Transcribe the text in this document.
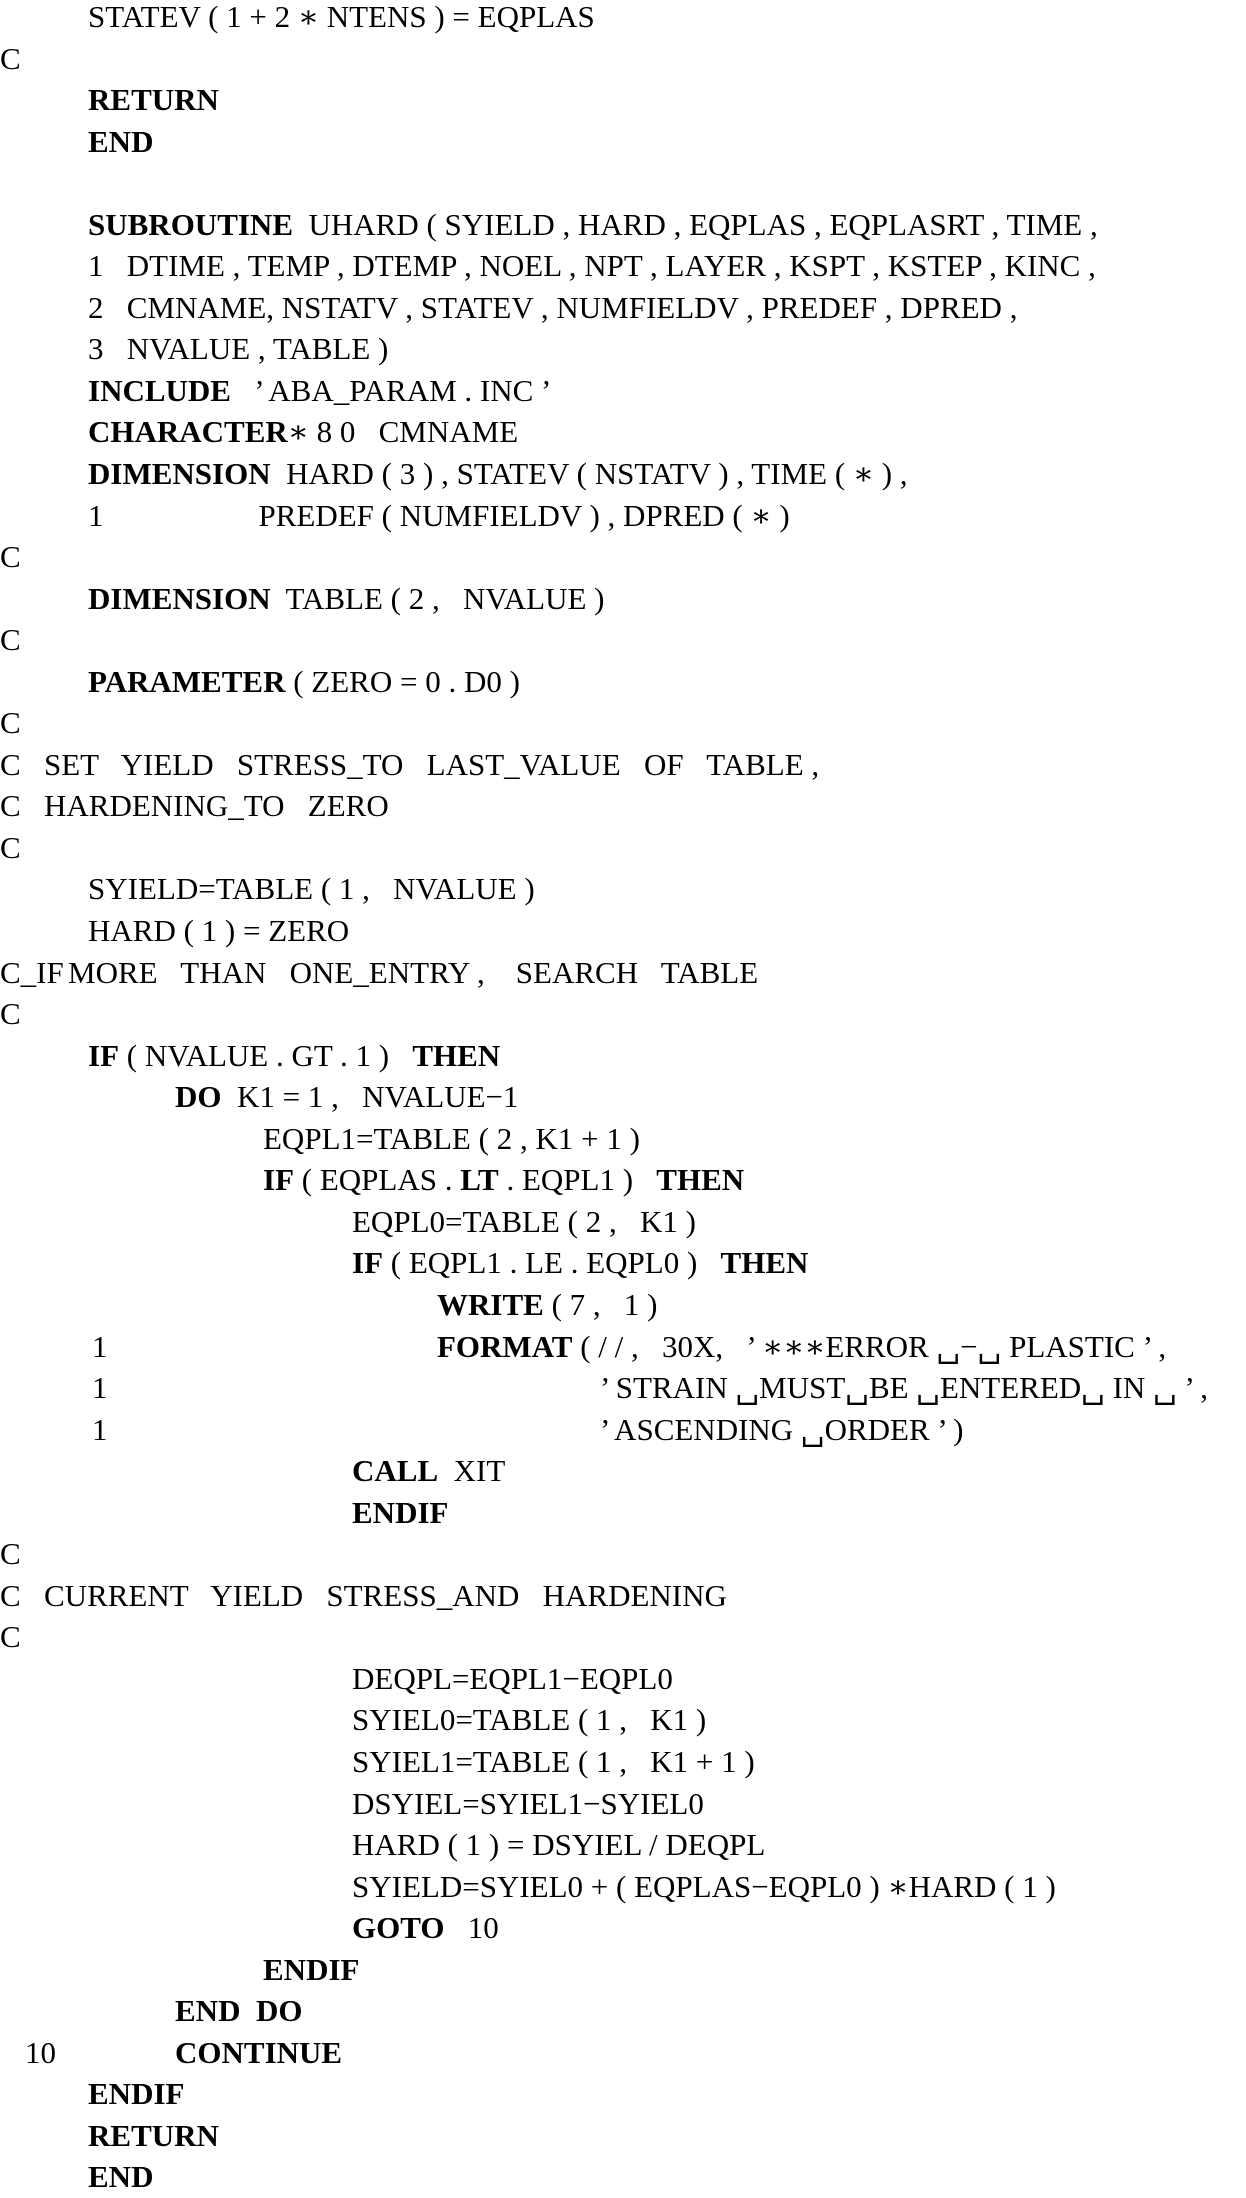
STATEV ( 1 + 2 ∗ NTENS ) = EQPLAS
C
RETURN
END
SUBROUTINE  UHARD ( SYIELD , HARD , EQPLAS , EQPLASRT , TIME ,
1   DTIME , TEMP , DTEMP , NOEL , NPT , LAYER , KSPT , KSTEP , KINC ,
2   CMNAME, NSTATV , STATEV , NUMFIELDV , PREDEF , DPRED ,
3   NVALUE , TABLE )
INCLUDE   ’ ABA_PARAM . INC ’
CHARACTER∗ 8 0   CMNAME
DIMENSION  HARD ( 3 ) , STATEV ( NSTATV ) , TIME ( ∗ ) ,
1                    PREDEF ( NUMFIELDV ) , DPRED ( ∗ )
C
DIMENSION  TABLE ( 2 ,   NVALUE )
C
PARAMETER ( ZERO = 0 . D0 )
C
C SET   YIELD   STRESS_TO   LAST_VALUE   OF   TABLE ,
C HARDENING_TO   ZERO
C
SYIELD=TABLE ( 1 ,   NVALUE )
HARD ( 1 ) = ZERO
C_IF MORE   THAN   ONE_ENTRY ,    SEARCH   TABLE
C
IF ( NVALUE . GT . 1 )   THEN
DO  K1 = 1 ,   NVALUE−1
EQPL1=TABLE ( 2 , K1 + 1 )
IF ( EQPLAS . LT . EQPL1 )   THEN
EQPL0=TABLE ( 2 ,   K1 )
IF ( EQPL1 . LE . EQPL0 )   THEN
WRITE ( 7 ,   1 )
1	FORMAT ( / / ,   30X,   ’ ∗∗∗ERROR ␣−␣ PLASTIC ’ ,
1	’ STRAIN ␣MUST␣BE ␣ENTERED␣ IN ␣ ’ ,
1	’ ASCENDING ␣ORDER ’ )
CALL  XIT
ENDIF
C
C CURRENT   YIELD   STRESS_AND   HARDENING
C
DEQPL=EQPL1−EQPL0
SYIEL0=TABLE ( 1 ,   K1 )
SYIEL1=TABLE ( 1 ,   K1 + 1 )
DSYIEL=SYIEL1−SYIEL0
HARD ( 1 ) = DSYIEL / DEQPL
SYIELD=SYIEL0 + ( EQPLAS−EQPL0 ) ∗HARD ( 1 )
GOTO   10
ENDIF
END  DO
10	CONTINUE
ENDIF
RETURN
END
